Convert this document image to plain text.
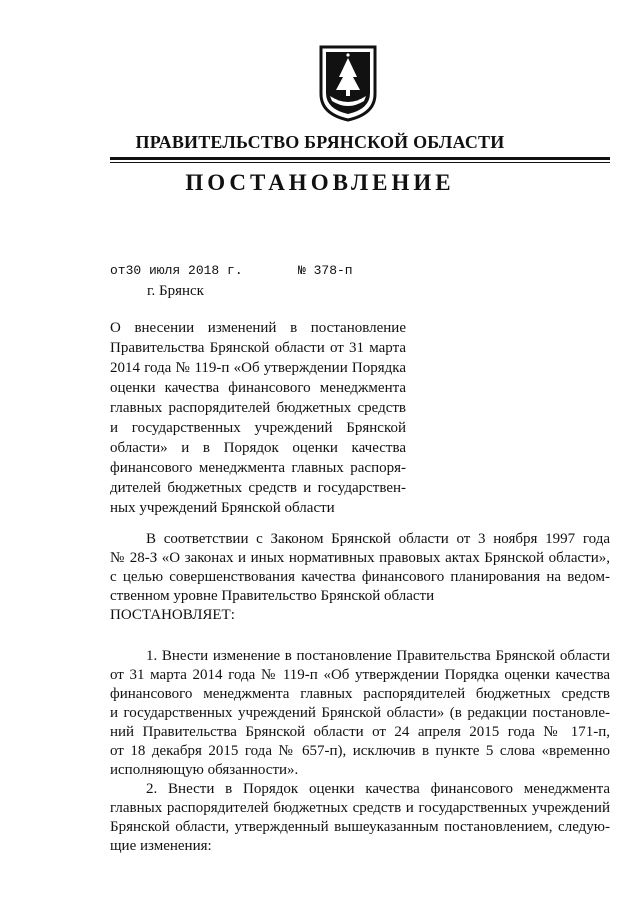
ПРАВИТЕЛЬСТВО БРЯНСКОЙ ОБЛАСТИ
ПОСТАНОВЛЕНИЕ
от30 июля 2018 г.	№ 378-п
г. Брянск
О внесении изменений в постановление
Правительства Брянской области от 31 марта
2014 года № 119-п «Об утверждении Порядка
оценки качества финансового менеджмента
главных распорядителей бюджетных средств
и государственных учреждений Брянской
области» и в Порядок оценки качества
финансового менеджмента главных распоря-
дителей бюджетных средств и государствен-
ных учреждений Брянской области
В соответствии с Законом Брянской области от 3 ноября 1997 года
№ 28-З «О законах и иных нормативных правовых актах Брянской области»,
с целью совершенствования качества финансового планирования на ведом-
ственном уровне Правительство Брянской области
ПОСТАНОВЛЯЕТ:
1. Внести изменение в постановление Правительства Брянской области
от 31 марта 2014 года № 119-п «Об утверждении Порядка оценки качества
финансового менеджмента главных распорядителей бюджетных средств
и государственных учреждений Брянской области» (в редакции постановле-
ний Правительства Брянской области от 24 апреля 2015 года № 171-п,
от 18 декабря 2015 года № 657-п), исключив в пункте 5 слова «временно
исполняющую обязанности».
2. Внести в Порядок оценки качества финансового менеджмента
главных распорядителей бюджетных средств и государственных учреждений
Брянской области, утвержденный вышеуказанным постановлением, следую-
щие изменения:
